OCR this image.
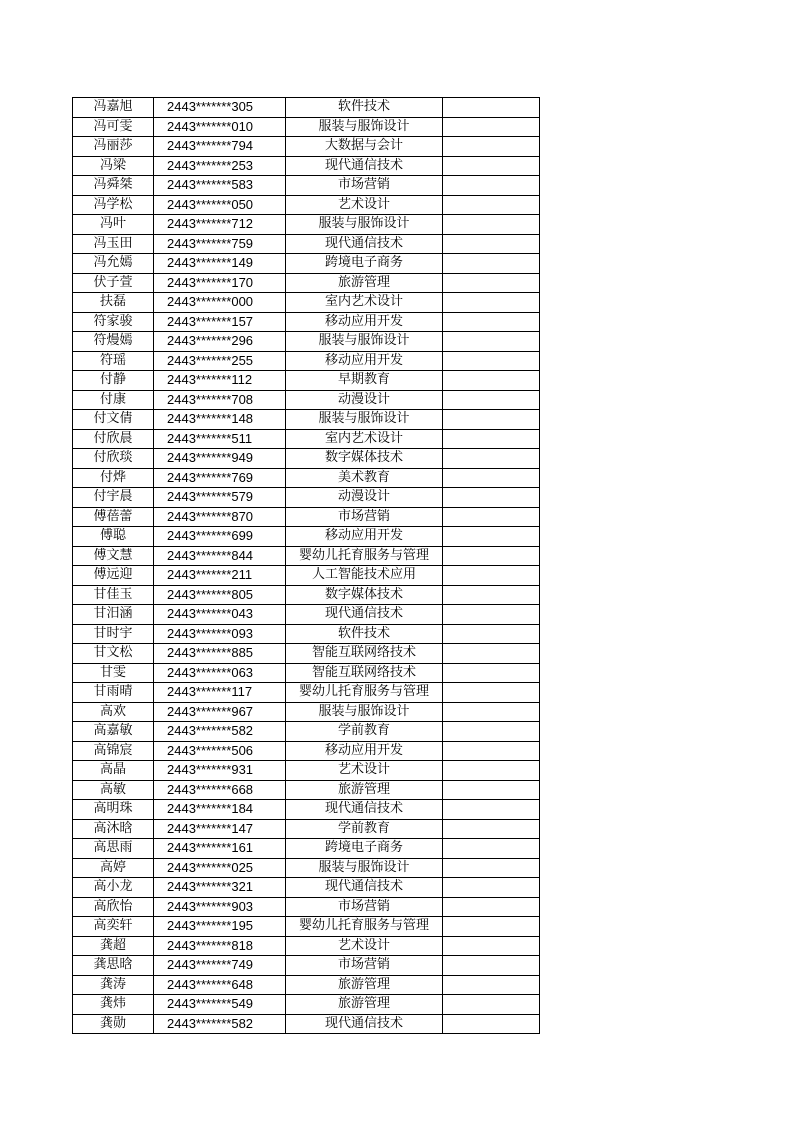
冯嘉旭	2443*******305	软件技术	
冯可雯	2443*******010	服装与服饰设计	
冯丽莎	2443*******794	大数据与会计	
冯梁	2443*******253	现代通信技术	
冯舜桀	2443*******583	市场营销	
冯学松	2443*******050	艺术设计	
冯叶	2443*******712	服装与服饰设计	
冯玉田	2443*******759	现代通信技术	
冯允嫣	2443*******149	跨境电子商务	
伏子萱	2443*******170	旅游管理	
扶磊	2443*******000	室内艺术设计	
符家骏	2443*******157	移动应用开发	
符熳嫣	2443*******296	服装与服饰设计	
符瑶	2443*******255	移动应用开发	
付静	2443*******112	早期教育	
付康	2443*******708	动漫设计	
付文倩	2443*******148	服装与服饰设计	
付欣晨	2443*******511	室内艺术设计	
付欣琰	2443*******949	数字媒体技术	
付烨	2443*******769	美术教育	
付宇晨	2443*******579	动漫设计	
傅蓓蕾	2443*******870	市场营销	
傅聪	2443*******699	移动应用开发	
傅文慧	2443*******844	婴幼儿托育服务与管理	
傅远迎	2443*******211	人工智能技术应用	
甘佳玉	2443*******805	数字媒体技术	
甘汨涵	2443*******043	现代通信技术	
甘时宇	2443*******093	软件技术	
甘文松	2443*******885	智能互联网络技术	
甘雯	2443*******063	智能互联网络技术	
甘雨晴	2443*******117	婴幼儿托育服务与管理	
高欢	2443*******967	服装与服饰设计	
高嘉敏	2443*******582	学前教育	
高锦宸	2443*******506	移动应用开发	
高晶	2443*******931	艺术设计	
高敏	2443*******668	旅游管理	
高明珠	2443*******184	现代通信技术	
高沐晗	2443*******147	学前教育	
高思雨	2443*******161	跨境电子商务	
高婷	2443*******025	服装与服饰设计	
高小龙	2443*******321	现代通信技术	
高欣怡	2443*******903	市场营销	
高奕轩	2443*******195	婴幼儿托育服务与管理	
龚超	2443*******818	艺术设计	
龚思晗	2443*******749	市场营销	
龚涛	2443*******648	旅游管理	
龚炜	2443*******549	旅游管理	
龚勋	2443*******582	现代通信技术	
